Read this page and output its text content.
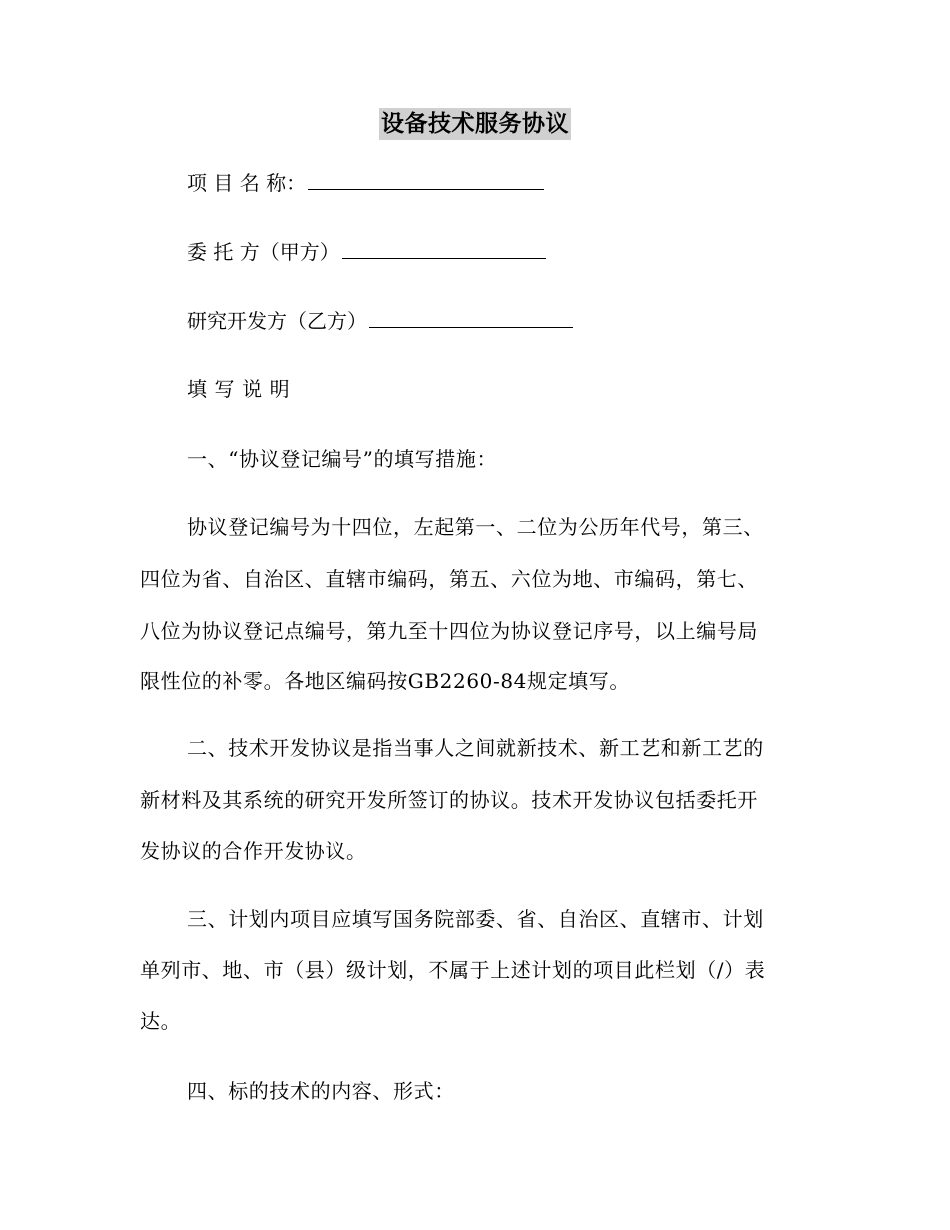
设备技术服务协议
项 目 名 称：
委 托 方（甲方）
研究开发方（乙方）
填 写 说 明
一、“协议登记编号”的填写措施：
协议登记编号为十四位，左起第一、二位为公历年代号，第三、
四位为省、自治区、直辖市编码，第五、六位为地、市编码，第七、
八位为协议登记点编号，第九至十四位为协议登记序号，以上编号局
限性位的补零。各地区编码按GB2260-84规定填写。
二、技术开发协议是指当事人之间就新技术、新工艺和新工艺的
新材料及其系统的研究开发所签订的协议。技术开发协议包括委托开
发协议的合作开发协议。
三、计划内项目应填写国务院部委、省、自治区、直辖市、计划
单列市、地、市（县）级计划，不属于上述计划的项目此栏划（/）表
达。
四、标的技术的内容、形式：
